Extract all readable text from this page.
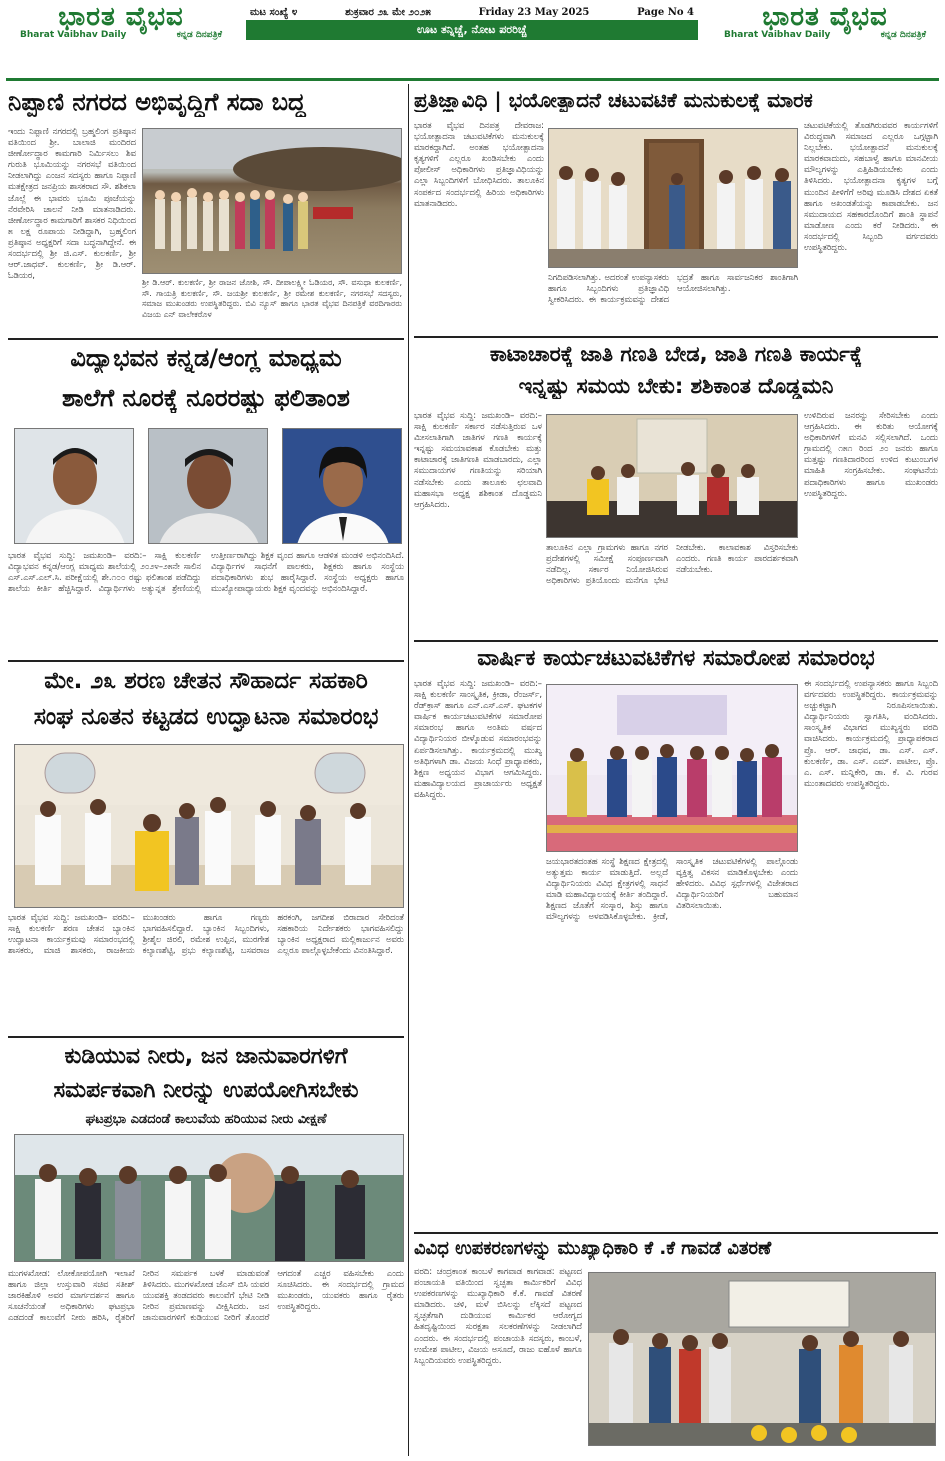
ಭಾರತ ವೈಭವ
Bharat Vaibhav Daily	ಕನ್ನಡ ದಿನಪತ್ರಿಕೆ
ಮಟ ಸಂಖ್ಯೆ ೪	ಶುಕ್ರವಾರ ೨೩ ಮೇ ೨೦೨೫	Friday 23 May 2025	Page No 4
ಊಟ ತನ್ನಿಚ್ಚೆ, ನೋಟ ಪರರಿಚ್ಚೆ	ಭಾರತ ವೈಭವ
Bharat Vaibhav Daily	ಕನ್ನಡ ದಿನಪತ್ರಿಕೆ
ನಿಪ್ಪಾಣಿ ನಗರದ ಅಭಿವೃದ್ಧಿಗೆ ಸದಾ ಬದ್ಧ
ಇಂದು ನಿಪ್ಪಾಣಿ ನಗರದಲ್ಲಿ ಬ್ರಹ್ಮಲಿಂಗ ಪ್ರತಿಷ್ಠಾನ ವತಿಯಿಂದ ಶ್ರೀ. ಬಾಲಾಜಿ ಮಂದಿರದ ಜೀರ್ಣೋದ್ಧಾರ ಕಾಮಗಾರಿ ನಿರ್ಮಿಸಲು ಶಿವ ಗುರುತಿ ಭೂಮಿಯನ್ನು ನಗರಸಭೆ ವತಿಯಿಂದ ನೀಡಲಾಗಿದ್ದು ಎಂಜನ ಸದಸ್ಯರು ಹಾಗೂ ನಿಪ್ಪಾಣಿ ಮತಕ್ಷೇತ್ರದ ಜನಪ್ರಿಯ ಶಾಸಕರಾದ ಸೌ. ಶಶಿಕಲಾ ಜೊಲ್ಲೆ ಈ ಭಾವರು ಭೂಮಿ ಪೂಜೆಯನ್ನು ನೆರವೇರಿಸಿ ಚಾಲನೆ ನೀಡಿ ಮಾತನಾಡಿದರು. ಜೀರ್ಣೋದ್ಧಾರ ಕಾಮಗಾರಿಗೆ ಶಾಸಕರ ನಿಧಿಯಿಂದ ೫ ಲಕ್ಷ ರೂಪಾಯ ನೀಡಿದ್ದಾಗಿ, ಬ್ರಹ್ಮಲಿಂಗ ಪ್ರತಿಷ್ಠಾನ ಅಧ್ಯಕ್ಷರಿಗೆ ಸದಾ ಬದ್ಧನಾಗಿದ್ದೇನೆ. ಈ ಸಂದರ್ಭದಲ್ಲಿ ಶ್ರೀ ಜಿ.ಎಸ್. ಕುಲಕರ್ಣಿ, ಶ್ರೀ ಆರ್.ಜಾಧವ್. ಕುಲಕರ್ಣಿ, ಶ್ರೀ ಡಿ.ಆರ್. ಓಡಿಯರ,
ಶ್ರೀ ಡಿ.ಆರ್. ಕುಲಕರ್ಣಿ, ಶ್ರೀ ರಾಜನ ಜೋಶಿ, ಸೌ. ದೀಪಾಲಕ್ಷ್ಮೀ ಓಡಿಯರ, ಸೌ. ವಸುಧಾ ಕುಲಕರ್ಣಿ, ಸೌ. ಗಾಯತ್ರಿ ಕುಲಕರ್ಣಿ, ಸೌ. ಜಯಶ್ರೀ ಕುಲಕರ್ಣಿ, ಶ್ರೀ ರಮೇಶ ಕುಲಕರ್ಣಿ, ನಗರಸಭೆ ಸದಸ್ಯರು, ಸಮಾಜ ಮುಖಂಡರು ಉಪಸ್ಥಿತರಿದ್ದರು. ಬಿವಿ ನ್ಯೂಸ್ ಹಾಗೂ ಭಾರತ ವೈಭವ ದಿನಪತ್ರಿಕೆ ವರದಿಗಾರರು ವಿಜಯ ಎನ್ ವಾಲೇಕರೊಳ
ವಿದ್ಯಾಭವನ ಕನ್ನಡ/ಆಂಗ್ಲ ಮಾಧ್ಯಮ
ಶಾಲೆಗೆ ನೂರಕ್ಕೆ ನೂರರಷ್ಟು ಫಲಿತಾಂಶ
ಭಾರತ ವೈಭವ ಸುದ್ದಿ: ಜಮಖಂಡಿ– ವರದಿ:– ಸಾಕ್ಷಿ ಕುಲಕರ್ಣಿ ವಿದ್ಯಾಭವನ ಕನ್ನಡ/ಆಂಗ್ಲ ಮಾಧ್ಯಮ ಶಾಲೆಯಲ್ಲಿ ೨೦೨೪–೨೫ನೇ ಸಾಲಿನ ಎಸ್.ಎಸ್.ಎಲ್.ಸಿ. ಪರೀಕ್ಷೆಯಲ್ಲಿ ಶೇ.೧೦೦ ರಷ್ಟು ಫಲಿತಾಂಶ ಪಡೆದಿದ್ದು ಶಾಲೆಯ ಕೀರ್ತಿ ಹೆಚ್ಚಿಸಿದ್ದಾರೆ. ವಿದ್ಯಾರ್ಥಿಗಳು ಅತ್ಯುನ್ನತ ಶ್ರೇಣಿಯಲ್ಲಿ ಉತ್ತೀರ್ಣರಾಗಿದ್ದು ಶಿಕ್ಷಕ ವೃಂದ ಹಾಗೂ ಆಡಳಿತ ಮಂಡಳಿ ಅಭಿನಂದಿಸಿದೆ. ವಿದ್ಯಾರ್ಥಿಗಳ ಸಾಧನೆಗೆ ಪಾಲಕರು, ಶಿಕ್ಷಕರು ಹಾಗೂ ಸಂಸ್ಥೆಯ ಪದಾಧಿಕಾರಿಗಳು ಶುಭ ಹಾರೈಸಿದ್ದಾರೆ. ಸಂಸ್ಥೆಯ ಅಧ್ಯಕ್ಷರು ಹಾಗೂ ಮುಖ್ಯೋಪಾಧ್ಯಾಯರು ಶಿಕ್ಷಕ ವೃಂದವನ್ನು ಅಭಿನಂದಿಸಿದ್ದಾರೆ.
ಮೇ. ೨೩ ಶರಣ ಚೇತನ ಸೌಹಾರ್ದ ಸಹಕಾರಿ
ಸಂಘ ನೂತನ ಕಟ್ಟಡದ ಉದ್ಘಾಟನಾ ಸಮಾರಂಭ
ಭಾರತ ವೈಭವ ಸುದ್ದಿ: ಜಮಖಂಡಿ– ವರದಿ:– ಸಾಕ್ಷಿ ಕುಲಕರ್ಣಿ ಶರಣ ಚೇತನ ಬ್ಯಾಂಕಿನ ಉದ್ಘಾಟನಾ ಕಾರ್ಯಕ್ರಮವು ಸಮಾರಂಭದಲ್ಲಿ ಶಾಸಕರು, ಮಾಜಿ ಶಾಸಕರು, ರಾಜಕೀಯ ಮುಖಂಡರು ಹಾಗೂ ಗಣ್ಯರು ಭಾಗವಹಿಸಲಿದ್ದಾರೆ. ಬ್ಯಾಂಕಿನ ಸಿಬ್ಬಂದಿಗಳು, ಶ್ರೀಶೈಲ ಜಿರಲಿ, ರಮೇಶ ಉಪ್ಪಿನ, ಮುರಗೇಶ ಕಲ್ಯಾಣಶೆಟ್ಟಿ, ಪ್ರಭು ಕಲ್ಯಾಣಶೆಟ್ಟಿ, ಬಸವರಾಜ ಹರಕಂಗಿ, ಜಗದೀಶ ಬಿರಾದಾರ ಸೇರಿದಂತೆ ಸಹಕಾರಿಯ ನಿರ್ದೇಶಕರು ಭಾಗವಹಿಸಲಿದ್ದು ಬ್ಯಾಂಕಿನ ಅಧ್ಯಕ್ಷರಾದ ಮಲ್ಲಿಕಾರ್ಜುನ ಅವರು ಎಲ್ಲರೂ ಪಾಲ್ಗೊಳ್ಳಬೇಕೆಂದು ವಿನಂತಿಸಿದ್ದಾರೆ.
ಕುಡಿಯುವ ನೀರು, ಜನ ಜಾನುವಾರಗಳಿಗೆ
ಸಮರ್ಪಕವಾಗಿ ನೀರನ್ನು ಉಪಯೋಗಿಸಬೇಕು
ಘಟಪ್ರಭಾ ಎಡದಂಡೆ ಕಾಲುವೆಯ ಹರಿಯುವ ನೀರು ವೀಕ್ಷಣೆ
ಮುಗಳಖೋಡ: ಲೋಕೋಪಯೋಗಿ ಇಲಾಖೆ ಹಾಗೂ ಜಿಲ್ಲಾ ಉಸ್ತುವಾರಿ ಸಚಿವ ಸತೀಶ್ ಜಾರಕಿಹೊಳಿ ಅವರ ಮಾರ್ಗದರ್ಶನ ಹಾಗೂ ಸೂಚನೆಯಂತೆ ಅಧಿಕಾರಿಗಳು ಘಟಪ್ರಭಾ ಎಡದಂಡೆ ಕಾಲುವೆಗೆ ನೀರು ಹರಿಸಿ, ರೈತರಿಗೆ ನೀರಿನ ಸಮರ್ಪಕ ಬಳಕೆ ಮಾಡುವಂತೆ ತಿಳಿಸಿದರು. ಮುಗಳಖೋಡ ಜೆಎಸ್ ಬಿಸಿ ಯವರ ಯುವಶಕ್ತಿ ತಂಡದವರು ಕಾಲುವೆಗೆ ಭೇಟಿ ನೀಡಿ ನೀರಿನ ಪ್ರಮಾಣವನ್ನು ವೀಕ್ಷಿಸಿದರು. ಜನ ಜಾನುವಾರಗಳಿಗೆ ಕುಡಿಯುವ ನೀರಿಗೆ ತೊಂದರೆ ಆಗದಂತೆ ಎಚ್ಚರ ವಹಿಸಬೇಕು ಎಂದು ಸೂಚಿಸಿದರು. ಈ ಸಂದರ್ಭದಲ್ಲಿ ಗ್ರಾಮದ ಮುಖಂಡರು, ಯುವಕರು ಹಾಗೂ ರೈತರು ಉಪಸ್ಥಿತರಿದ್ದರು.
ಪ್ರತಿಜ್ಞಾವಿಧಿ | ಭಯೋತ್ಪಾದನೆ ಚಟುವಟಿಕೆ ಮನುಕುಲಕ್ಕೆ ಮಾರಕ
ಭಾರತ ವೈಭವ ದಿನಪತ್ರ ದೇವರಾಜ: ಭಯೋತ್ಪಾದನಾ ಚಟುವಟಿಕೆಗಳು ಮನುಕುಲಕ್ಕೆ ಮಾರಕದ್ದಾಗಿದೆ. ಅಂತಹ ಭಯೋತ್ಪಾದನಾ ಕೃತ್ಯಗಳಿಗೆ ಎಲ್ಲರೂ ಖಂಡಿಸಬೇಕು ಎಂದು ಪೋಲೀಸ್ ಅಧಿಕಾರಿಗಳು ಪ್ರತಿಜ್ಞಾವಿಧಿಯನ್ನು ಎಲ್ಲಾ ಸಿಬ್ಬಂದಿಗಳಿಗೆ ಬೋಧಿಸಿದರು. ತಾಲೂಕಿನ ಸಂಪರ್ಕದ ಸಂದರ್ಭದಲ್ಲಿ ಹಿರಿಯ ಅಧಿಕಾರಿಗಳು ಮಾತನಾಡಿದರು.
ನಿಗದಿಪಡಿಸಲಾಗಿತ್ತು. ಅದರಂತೆ ಉಪನ್ಯಾಸಕರು ಹಾಗೂ ಸಿಬ್ಬಂದಿಗಳು ಪ್ರತಿಜ್ಞಾವಿಧಿ ಸ್ವೀಕರಿಸಿದರು. ಈ ಕಾರ್ಯಕ್ರಮವನ್ನು ದೇಶದ ಭದ್ರತೆ ಹಾಗೂ ಸಾರ್ವಜನಿಕರ ಶಾಂತಿಗಾಗಿ ಆಯೋಜಿಸಲಾಗಿತ್ತು.
ಚಟುವಟಿಕೆಯಲ್ಲಿ ತೊಡಗಿರುವವರ ಕಾರ್ಯಗಳಿಗೆ ವಿರುದ್ಧವಾಗಿ ಸಮಾಜದ ಎಲ್ಲರೂ ಒಗ್ಗಟ್ಟಾಗಿ ನಿಲ್ಲಬೇಕು. ಭಯೋತ್ಪಾದನೆ ಮನುಕುಲಕ್ಕೆ ಮಾರಕವಾದುದು, ಸಹಬಾಳ್ವೆ ಹಾಗೂ ಮಾನವೀಯ ಮೌಲ್ಯಗಳನ್ನು ಎತ್ತಿಹಿಡಿಯಬೇಕು ಎಂದು ತಿಳಿಸಿದರು. ಭಯೋತ್ಪಾದನಾ ಕೃತ್ಯಗಳ ಬಗ್ಗೆ ಮುಂದಿನ ಪೀಳಿಗೆಗೆ ಅರಿವು ಮೂಡಿಸಿ ದೇಶದ ಏಕತೆ ಹಾಗೂ ಅಖಂಡತೆಯನ್ನು ಕಾಪಾಡಬೇಕು. ಜನ ಸಮುದಾಯದ ಸಹಕಾರದೊಂದಿಗೆ ಶಾಂತಿ ಸ್ಥಾಪನೆ ಮಾಡೋಣ ಎಂದು ಕರೆ ನೀಡಿದರು. ಈ ಸಂದರ್ಭದಲ್ಲಿ ಸಿಬ್ಬಂದಿ ವರ್ಗದವರು ಉಪಸ್ಥಿತರಿದ್ದರು.
ಕಾಟಾಚಾರಕ್ಕೆ ಜಾತಿ ಗಣತಿ ಬೇಡ, ಜಾತಿ ಗಣತಿ ಕಾರ್ಯಕ್ಕೆ
ಇನ್ನಷ್ಟು ಸಮಯ ಬೇಕು: ಶಶಿಕಾಂತ ದೊಡ್ಡಮನಿ
ಭಾರತ ವೈಭವ ಸುದ್ದಿ: ಜಮಖಂಡಿ– ವರದಿ:– ಸಾಕ್ಷಿ ಕುಲಕರ್ಣಿ ಸರ್ಕಾರ ನಡೆಸುತ್ತಿರುವ ಒಳ ಮೀಸಲಾತಿಗಾಗಿ ಜಾತಿಗಳ ಗಣತಿ ಕಾರ್ಯಕ್ಕೆ ಇನ್ನಷ್ಟು ಸಮಯಾವಕಾಶ ಕೊಡಬೇಕು ಮತ್ತು ಕಾಟಾಚಾರಕ್ಕೆ ಜಾತಿಗಣತಿ ಮಾಡಬಾರದು, ಎಲ್ಲಾ ಸಮುದಾಯಗಳ ಗಣತಿಯನ್ನು ಸರಿಯಾಗಿ ನಡೆಸಬೇಕು ಎಂದು ತಾಲೂಕು ಛಲವಾದಿ ಮಹಾಸಭಾ ಅಧ್ಯಕ್ಷ ಶಶಿಕಾಂತ ದೊಡ್ಡಮನಿ ಆಗ್ರಹಿಸಿದರು.
ತಾಲೂಕಿನ ಎಲ್ಲಾ ಗ್ರಾಮಗಳು ಹಾಗೂ ನಗರ ಪ್ರದೇಶಗಳಲ್ಲಿ ಸಮೀಕ್ಷೆ ಸಂಪೂರ್ಣವಾಗಿ ನಡೆದಿಲ್ಲ. ಸರ್ಕಾರ ನಿಯೋಜಿಸಿರುವ ಅಧಿಕಾರಿಗಳು ಪ್ರತಿಯೊಂದು ಮನೆಗೂ ಭೇಟಿ ನೀಡಬೇಕು. ಕಾಲಾವಕಾಶ ವಿಸ್ತರಿಸಬೇಕು ಎಂದರು. ಗಣತಿ ಕಾರ್ಯ ಪಾರದರ್ಶಕವಾಗಿ ನಡೆಯಬೇಕು.
ಉಳಿದಿರುವ ಜನರನ್ನು ಸೇರಿಸಬೇಕು ಎಂದು ಆಗ್ರಹಿಸಿದರು. ಈ ಕುರಿತು ಆಯೋಗಕ್ಕೆ ಅಧಿಕಾರಿಗಳಿಗೆ ಮನವಿ ಸಲ್ಲಿಸಲಾಗಿದೆ. ಒಂದು ಗ್ರಾಮದಲ್ಲಿ ೧೫೧ ರಿಂದ ೨೦ ಜನರು ಹಾಗೂ ಮತ್ತಷ್ಟು ಗಣತಿದಾರರಿಂದ ಉಳಿದ ಕುಟುಂಬಗಳ ಮಾಹಿತಿ ಸಂಗ್ರಹಿಸಬೇಕು. ಸಂಘಟನೆಯ ಪದಾಧಿಕಾರಿಗಳು ಹಾಗೂ ಮುಖಂಡರು ಉಪಸ್ಥಿತರಿದ್ದರು.
ವಾರ್ಷಿಕ ಕಾರ್ಯಚಟುವಟಿಕೆಗಳ ಸಮಾರೋಪ ಸಮಾರಂಭ
ಭಾರತ ವೈಭವ ಸುದ್ದಿ: ಜಮಖಂಡಿ– ವರದಿ:– ಸಾಕ್ಷಿ ಕುಲಕರ್ಣಿ ಸಾಂಸ್ಕೃತಿಕ, ಕ್ರೀಡಾ, ರೆಂಜರ್ಸ್, ರೆಡ್‌ಕ್ರಾಸ್ ಹಾಗೂ ಎನ್.ಎಸ್.ಎಸ್. ಘಟಕಗಳ ವಾರ್ಷಿಕ ಕಾರ್ಯಚಟುವಟಿಕೆಗಳ ಸಮಾರೋಪ ಸಮಾರಂಭ ಹಾಗೂ ಅಂತಿಮ ವರ್ಷದ ವಿದ್ಯಾರ್ಥಿನಿಯರ ಬೀಳ್ಕೊಡುವ ಸಮಾರಂಭವನ್ನು ಏರ್ಪಡಿಸಲಾಗಿತ್ತು. ಕಾರ್ಯಕ್ರಮದಲ್ಲಿ ಮುಖ್ಯ ಅತಿಥಿಗಳಾಗಿ ಡಾ. ವಿಜಯ ಸಿಂಧೆ ಪ್ರಾಧ್ಯಾಪಕರು, ಶಿಕ್ಷಣ ಅಧ್ಯಯನ ವಿಭಾಗ ಆಗಮಿಸಿದ್ದರು. ಮಹಾವಿದ್ಯಾಲಯದ ಪ್ರಾಚಾರ್ಯರು ಅಧ್ಯಕ್ಷತೆ ವಹಿಸಿದ್ದರು.
ಜಯಭಾರತದಂತಹ ಸಂಸ್ಥೆ ಶಿಕ್ಷಣದ ಕ್ಷೇತ್ರದಲ್ಲಿ ಅತ್ಯುತ್ತಮ ಕಾರ್ಯ ಮಾಡುತ್ತಿದೆ. ಅಲ್ಲದೆ ವಿದ್ಯಾರ್ಥಿನಿಯರು ವಿವಿಧ ಕ್ಷೇತ್ರಗಳಲ್ಲಿ ಸಾಧನೆ ಮಾಡಿ ಮಹಾವಿದ್ಯಾಲಯಕ್ಕೆ ಕೀರ್ತಿ ತಂದಿದ್ದಾರೆ. ಶಿಕ್ಷಣದ ಜೊತೆಗೆ ಸಂಸ್ಕಾರ, ಶಿಸ್ತು ಹಾಗೂ ಮೌಲ್ಯಗಳನ್ನು ಅಳವಡಿಸಿಕೊಳ್ಳಬೇಕು. ಕ್ರೀಡೆ, ಸಾಂಸ್ಕೃತಿಕ ಚಟುವಟಿಕೆಗಳಲ್ಲಿ ಪಾಲ್ಗೊಂಡು ವ್ಯಕ್ತಿತ್ವ ವಿಕಸನ ಮಾಡಿಕೊಳ್ಳಬೇಕು ಎಂದು ಹೇಳಿದರು. ವಿವಿಧ ಸ್ಪರ್ಧೆಗಳಲ್ಲಿ ವಿಜೇತರಾದ ವಿದ್ಯಾರ್ಥಿನಿಯರಿಗೆ ಬಹುಮಾನ ವಿತರಿಸಲಾಯಿತು.
ಈ ಸಂದರ್ಭದಲ್ಲಿ ಉಪನ್ಯಾಸಕರು ಹಾಗೂ ಸಿಬ್ಬಂದಿ ವರ್ಗದವರು ಉಪಸ್ಥಿತರಿದ್ದರು. ಕಾರ್ಯಕ್ರಮವನ್ನು ಅಚ್ಚುಕಟ್ಟಾಗಿ ನಿರೂಪಿಸಲಾಯಿತು. ವಿದ್ಯಾರ್ಥಿನಿಯರು ಸ್ವಾಗತಿಸಿ, ವಂದಿಸಿದರು. ಸಾಂಸ್ಕೃತಿಕ ವಿಭಾಗದ ಮುಖ್ಯಸ್ಥರು ವರದಿ ವಾಚಿಸಿದರು. ಕಾರ್ಯಕ್ರಮದಲ್ಲಿ ಪ್ರಾಧ್ಯಾಪಕರಾದ ಪ್ರೊ. ಆರ್. ಜಾಧವ, ಡಾ. ಎಸ್. ಎಸ್. ಕುಲಕರ್ಣಿ, ಡಾ. ಎಸ್. ಎಮ್. ಪಾಟೀಲ, ಪ್ರೊ. ಎ. ಎಸ್. ಮನ್ನಿಕೇರಿ, ಡಾ. ಕೆ. ವಿ. ಗುರವ ಮುಂತಾದವರು ಉಪಸ್ಥಿತರಿದ್ದರು.
ವಿವಿಧ ಉಪಕರಣಗಳನ್ನು ಮುಖ್ಯಾಧಿಕಾರಿ ಕೆ .ಕೆ ಗಾವಡೆ ವಿತರಣೆ
ವರದಿ: ಚಂದ್ರಕಾಂತ ಕಾಂಬಳೆ ಕಾಗವಾಡ ಕಾಗವಾಡ: ಪಟ್ಟಣದ ಪಂಚಾಯತಿ ವತಿಯಿಂದ ಸ್ವಚ್ಛತಾ ಕಾರ್ಮಿಕರಿಗೆ ವಿವಿಧ ಉಪಕರಣಗಳನ್ನು ಮುಖ್ಯಾಧಿಕಾರಿ ಕೆ.ಕೆ. ಗಾವಡೆ ವಿತರಣೆ ಮಾಡಿದರು. ಚಳಿ, ಮಳೆ ಬಿಸಿಲನ್ನು ಲೆಕ್ಕಿಸದೆ ಪಟ್ಟಣದ ಸ್ವಚ್ಛತೆಗಾಗಿ ದುಡಿಯುವ ಕಾರ್ಮಿಕರ ಆರೋಗ್ಯದ ಹಿತದೃಷ್ಟಿಯಿಂದ ಸುರಕ್ಷತಾ ಸಲಕರಣೆಗಳನ್ನು ನೀಡಲಾಗಿದೆ ಎಂದರು. ಈ ಸಂದರ್ಭದಲ್ಲಿ ಪಂಚಾಯತಿ ಸದಸ್ಯರು, ಕಾಂಬಳೆ, ಉಮೇಶ ಪಾಟೀಲ, ವಿಜಯ ಅಸೂದೆ, ರಾಜು ಐಹೊಳೆ ಹಾಗೂ ಸಿಬ್ಬಂದಿಯವರು ಉಪಸ್ಥಿತರಿದ್ದರು.
